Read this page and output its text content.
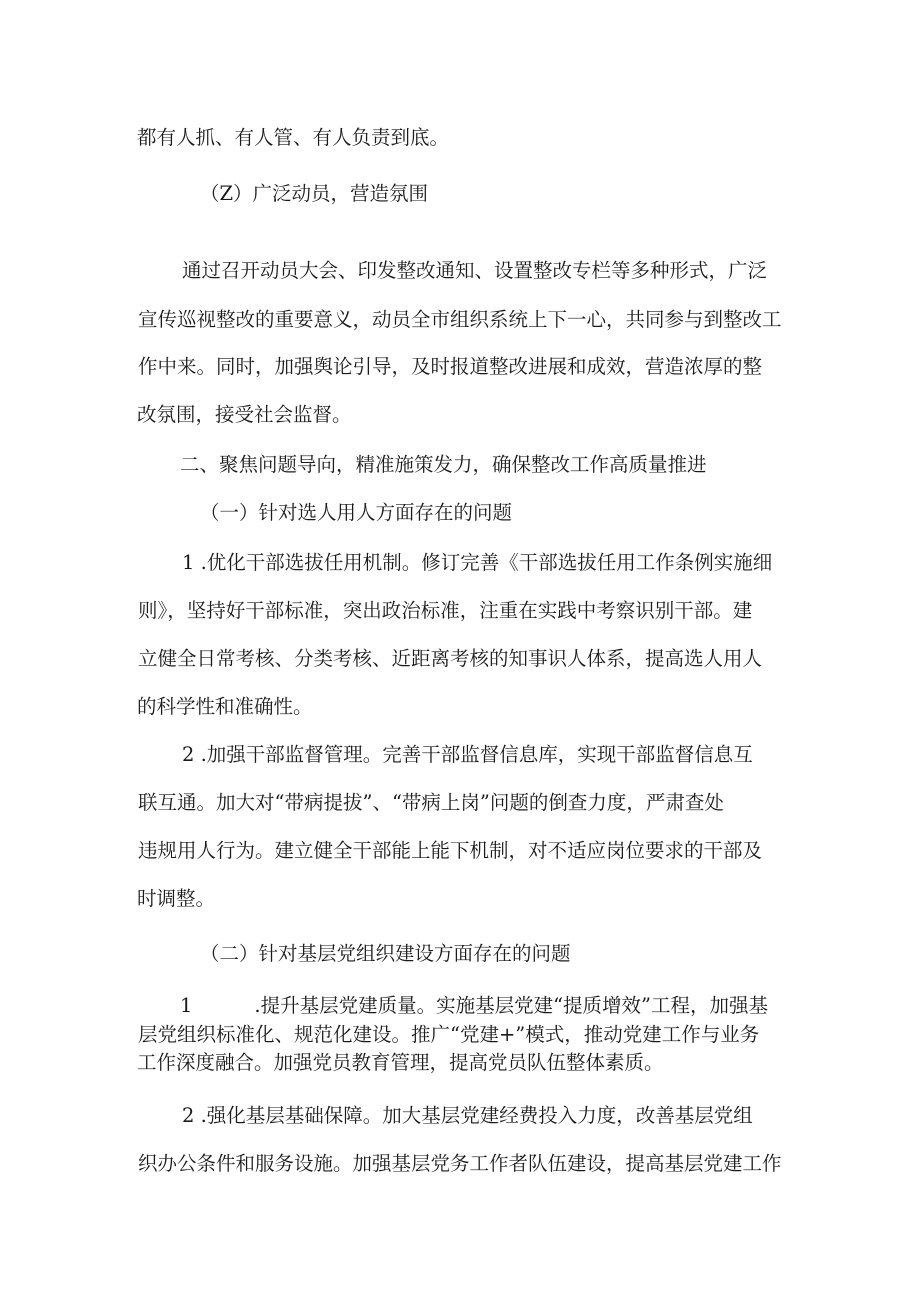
都有人抓、有人管、有人负责到底。
（Z）广泛动员，营造氛围
通过召开动员大会、印发整改通知、设置整改专栏等多种形式，广泛
宣传巡视整改的重要意义，动员全市组织系统上下一心，共同参与到整改工
作中来。同时，加强舆论引导，及时报道整改进展和成效，营造浓厚的整
改氛围，接受社会监督。
二、聚焦问题导向，精准施策发力，确保整改工作高质量推进
（一）针对选人用人方面存在的问题
1 .优化干部选拔任用机制。修订完善《干部选拔任用工作条例实施细
则》，坚持好干部标准，突出政治标准，注重在实践中考察识别干部。建
立健全日常考核、分类考核、近距离考核的知事识人体系，提高选人用人
的科学性和准确性。
2 .加强干部监督管理。完善干部监督信息库，实现干部监督信息互
联互通。加大对“带病提拔”、“带病上岗”问题的倒查力度，严肃查处
违规用人行为。建立健全干部能上能下机制，对不适应岗位要求的干部及
时调整。
（二）针对基层党组织建设方面存在的问题
1          .提升基层党建质量。实施基层党建“提质增效”工程，加强基
层党组织标准化、规范化建设。推广“党建+”模式，推动党建工作与业务
工作深度融合。加强党员教育管理，提高党员队伍整体素质。
2 .强化基层基础保障。加大基层党建经费投入力度，改善基层党组
织办公条件和服务设施。加强基层党务工作者队伍建设，提高基层党建工作
